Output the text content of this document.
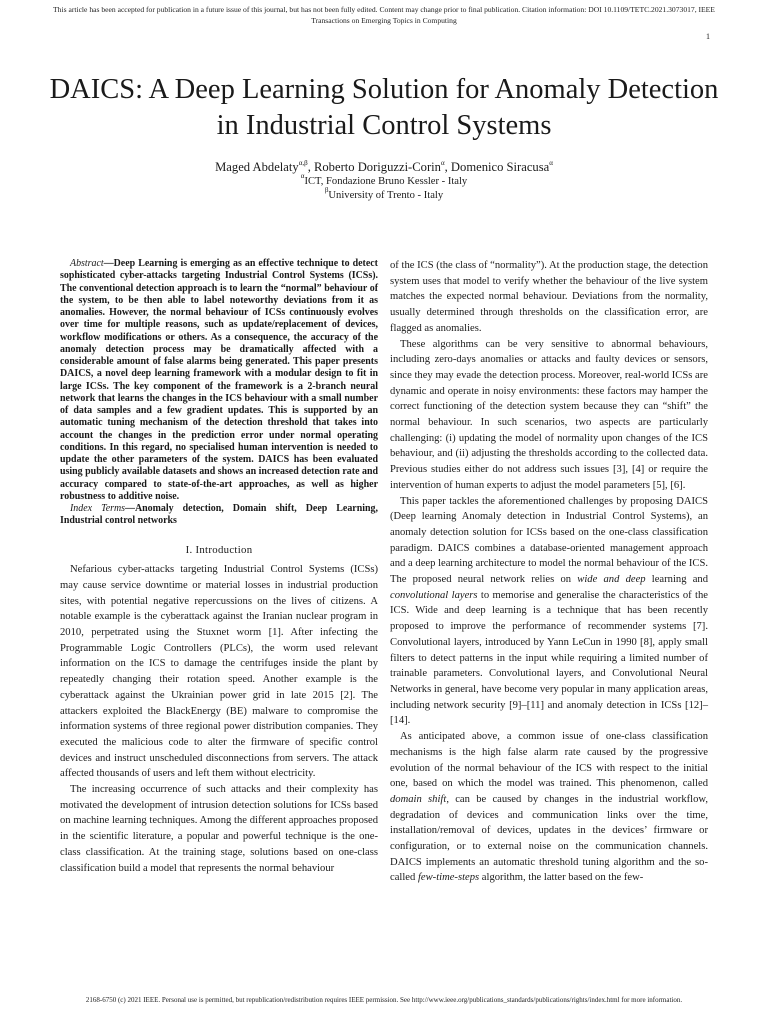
This article has been accepted for publication in a future issue of this journal, but has not been fully edited. Content may change prior to final publication. Citation information: DOI 10.1109/TETC.2021.3073017, IEEE
Transactions on Emerging Topics in Computing
1
DAICS: A Deep Learning Solution for Anomaly Detection in Industrial Control Systems
Maged Abdelaty$^{\alpha,\beta}$, Roberto Doriguzzi-Corin$^\alpha$, Domenico Siracusa$^\alpha$
$^\alpha$ICT, Fondazione Bruno Kessler - Italy
$^\beta$University of Trento - Italy

Abstract—Deep Learning is emerging as an effective technique to detect sophisticated cyber-attacks targeting Industrial Control Systems (ICSs). The conventional detection approach is to learn the “normal” behaviour of the system, to be then able to label noteworthy deviations from it as anomalies. However, the normal behaviour of ICSs continuously evolves over time for multiple reasons, such as update/replacement of devices, workflow modifications or others. As a consequence, the accuracy of the anomaly detection process may be dramatically affected with a considerable amount of false alarms being generated. This paper presents DAICS, a novel deep learning framework with a modular design to fit in large ICSs. The key component of the framework is a 2-branch neural network that learns the changes in the ICS behaviour with a small number of data samples and a few gradient updates. This is supported by an automatic tuning mechanism of the detection threshold that takes into account the changes in the prediction error under normal operating conditions. In this regard, no specialised human intervention is needed to update the other parameters of the system. DAICS has been evaluated using publicly available datasets and shows an increased detection rate and accuracy compared to state-of-the-art approaches, as well as higher robustness to additive noise.

Index Terms—Anomaly detection, Domain shift, Deep Learning, Industrial control networks

I. Introduction

Nefarious cyber-attacks targeting Industrial Control Systems (ICSs) may cause service downtime or material losses in industrial production sites, with potential negative repercussions on the lives of citizens. A notable example is the cyberattack against the Iranian nuclear program in 2010, perpetrated using the Stuxnet worm [1]. After infecting the Programmable Logic Controllers (PLCs), the worm used relevant information on the ICS to damage the centrifuges inside the plant by repeatedly changing their rotation speed. Another example is the cyberattack against the Ukrainian power grid in late 2015 [2]. The attackers exploited the BlackEnergy (BE) malware to compromise the information systems of three regional power distribution companies. They executed the malicious code to alter the firmware of specific control devices and instruct unscheduled disconnections from servers. The attack affected thousands of users and left them without electricity.

The increasing occurrence of such attacks and their complexity has motivated the development of intrusion detection solutions for ICSs based on machine learning techniques. Among the different approaches proposed in the scientific literature, a popular and powerful technique is the one-class classification. At the training stage, solutions based on one-class classification build a model that represents the normal behaviour

of the ICS (the class of “normality”). At the production stage, the detection system uses that model to verify whether the behaviour of the live system matches the expected normal behaviour. Deviations from the normality, usually determined through thresholds on the classification error, are flagged as anomalies.

These algorithms can be very sensitive to abnormal behaviours, including zero-days anomalies or attacks and faulty devices or sensors, since they may evade the detection process. Moreover, real-world ICSs are dynamic and operate in noisy environments: these factors may hamper the correct functioning of the detection system because they can “shift” the normal behaviour. In such scenarios, two aspects are particularly challenging: (i) updating the model of normality upon changes of the ICS behaviour, and (ii) adjusting the thresholds according to the collected data. Previous studies either do not address such issues [3], [4] or require the intervention of human experts to adjust the model parameters [5], [6].

This paper tackles the aforementioned challenges by proposing DAICS (Deep learning Anomaly detection in Industrial Control Systems), an anomaly detection solution for ICSs based on the one-class classification paradigm. DAICS combines a database-oriented management approach and a deep learning architecture to model the normal behaviour of the ICS. The proposed neural network relies on wide and deep learning and convolutional layers to memorise and generalise the characteristics of the ICS. Wide and deep learning is a technique that has been recently proposed to improve the performance of recommender systems [7]. Convolutional layers, introduced by Yann LeCun in 1990 [8], apply small filters to detect patterns in the input while requiring a limited number of trainable parameters. Convolutional layers, and Convolutional Neural Networks in general, have become very popular in many application areas, including network security [9]–[11] and anomaly detection in ICSs [12]–[14].

As anticipated above, a common issue of one-class classification mechanisms is the high false alarm rate caused by the progressive evolution of the normal behaviour of the ICS with respect to the initial one, based on which the model was trained. This phenomenon, called domain shift, can be caused by changes in the industrial workflow, degradation of devices and communication links over the time, installation/removal of devices, updates in the devices’ firmware or configuration, or to external noise on the communication channels. DAICS implements an automatic threshold tuning algorithm and the so-called few-time-steps algorithm, the latter based on the few-

2168-6750 (c) 2021 IEEE. Personal use is permitted, but republication/redistribution requires IEEE permission. See http://www.ieee.org/publications_standards/publications/rights/index.html for more information.
